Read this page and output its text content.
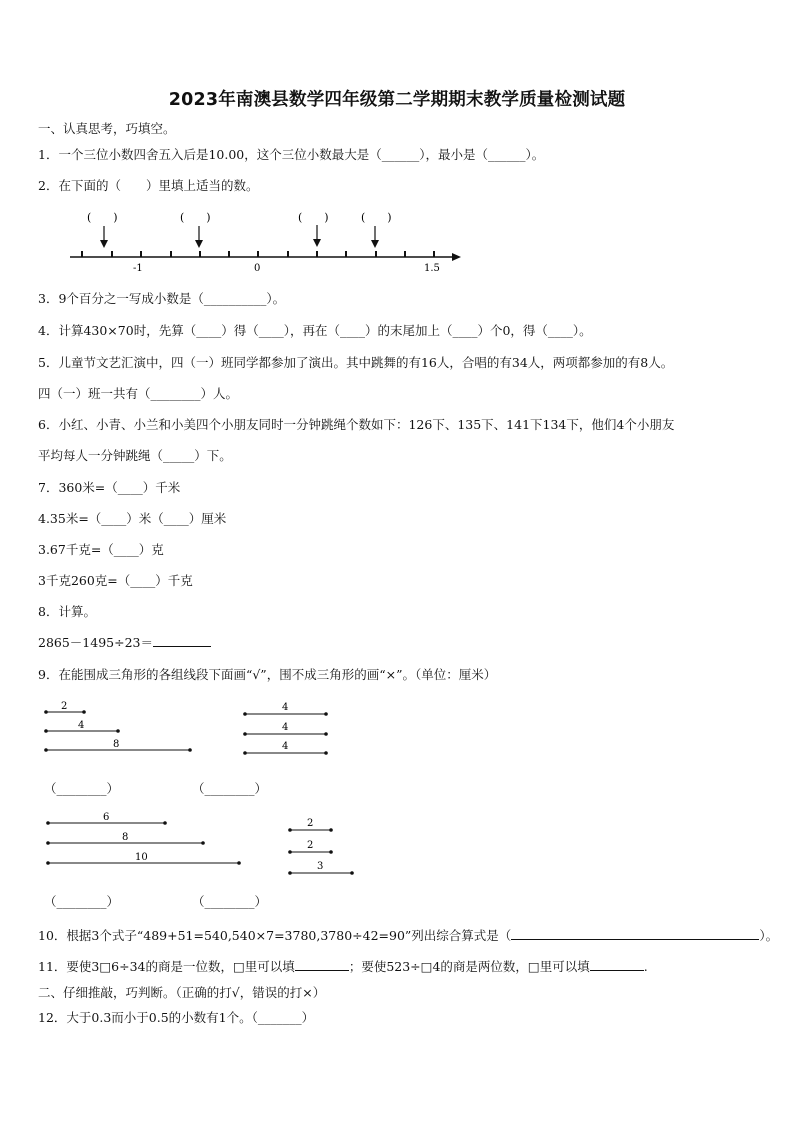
2023年南澳县数学四年级第二学期期末教学质量检测试题
一、认真思考，巧填空。
1．一个三位小数四舍五入后是10.00，这个三位小数最大是（______），最小是（______）。
2．在下面的（　　）里填上适当的数。
-1	0	1.5
(　　)	(　　)	(　　)	(　　)
3．9个百分之一写成小数是（__________）。
4．计算430×70时，先算（____）得（____），再在（____）的末尾加上（____）个0，得（____）。
5．儿童节文艺汇演中，四（一）班同学都参加了演出。其中跳舞的有16人，合唱的有34人，两项都参加的有8人。
四（一）班一共有（________）人。
6．小红、小青、小兰和小美四个小朋友同时一分钟跳绳个数如下：126下、135下、141下134下，他们4个小朋友
平均每人一分钟跳绳（_____）下。
7．360米=（____）千米
4.35米=（____）米（____）厘米
3.67千克=（____）克
3千克260克=（____）千克
8．计算。
2865－1495÷23＝
9．在能围成三角形的各组线段下面画“√”，围不成三角形的画“×”。（单位：厘米）
2
4
8
4
4
4
6
8
10
2
2
3
（________）	（________）
（________）	（________）
10．根据3个式子“489+51=540,540×7=3780,3780÷42=90”列出综合算式是（	）。
11．要使3□6÷34的商是一位数，□里可以填	；要使523÷□4的商是两位数，□里可以填	.
二、仔细推敲，巧判断。（正确的打√，错误的打×）
12．大于0.3而小于0.5的小数有1个。（_______）
